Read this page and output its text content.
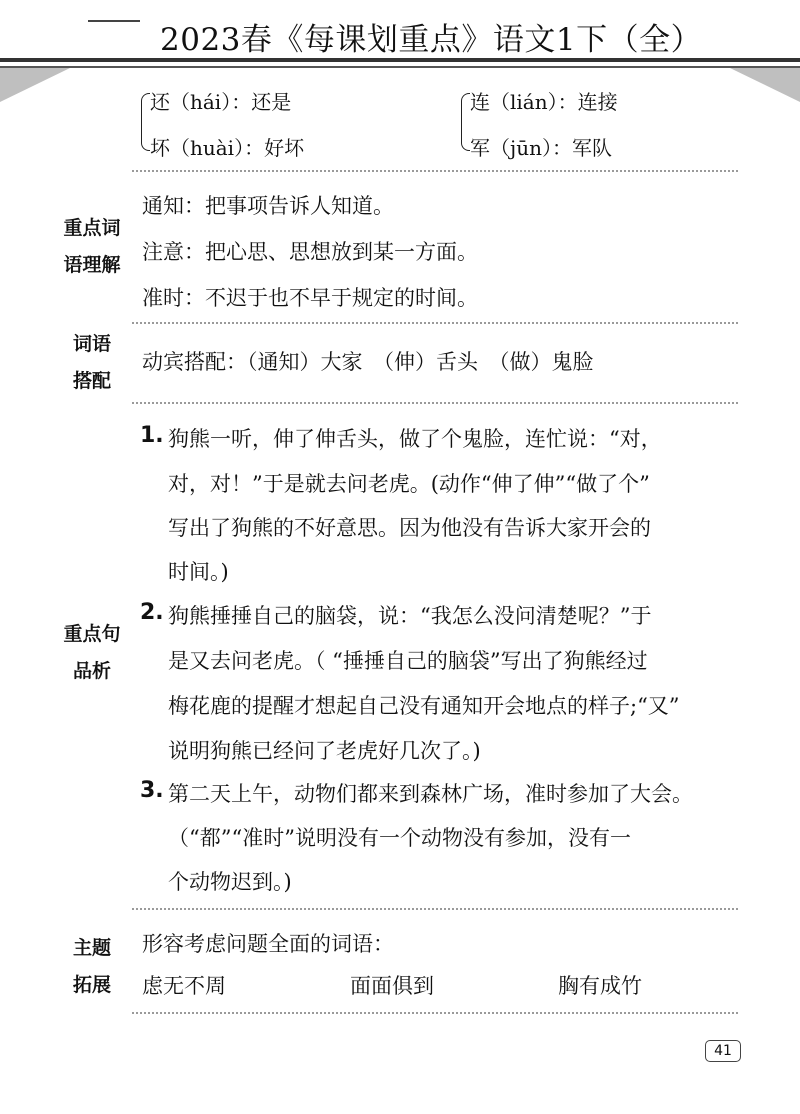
2023春《每课划重点》语文1下（全）
还（hái）：还是
坏（huài）：好坏
连（lián）：连接
军（jūn）：军队
重点词
语理解
通知：把事项告诉人知道。
注意：把心思、思想放到某一方面。
准时：不迟于也不早于规定的时间。
词语
搭配
动宾搭配：（通知）大家　（伸）舌头　（做）鬼脸
重点句
品析
1. 狗熊一听，伸了伸舌头，做了个鬼脸，连忙说：“对，
对，对！”于是就去问老虎。(动作“伸了伸”“做了个”
写出了狗熊的不好意思。因为他没有告诉大家开会的
时间。)
2. 狗熊捶捶自己的脑袋，说：“我怎么没问清楚呢？”于
是又去问老虎。（ “捶捶自己的脑袋”写出了狗熊经过
梅花鹿的提醒才想起自己没有通知开会地点的样子;“又”
说明狗熊已经问了老虎好几次了。)
3. 第二天上午，动物们都来到森林广场，准时参加了大会。
（“都”“准时”说明没有一个动物没有参加，没有一
个动物迟到。)
主题
拓展
形容考虑问题全面的词语：
虑无不周	面面俱到	胸有成竹
41
